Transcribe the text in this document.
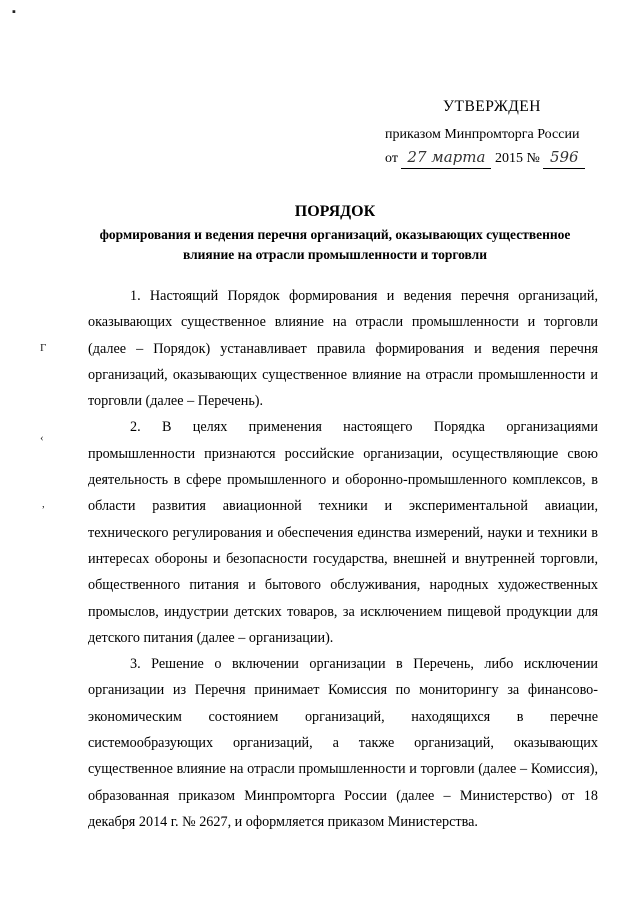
▪
Г
‹
,
УТВЕРЖДЕН
приказом Минпромторга России
от 27 марта 2015 № 596
ПОРЯДОК
формирования и ведения перечня организаций, оказывающих существенное
влияние на отрасли промышленности и торговли

1. Настоящий Порядок формирования и ведения перечня организаций, оказывающих существенное влияние на отрасли промышленности и торговли (далее – Порядок) устанавливает правила формирования и ведения перечня организаций, оказывающих существенное влияние на отрасли промышленности и торговли (далее – Перечень).

2. В целях применения настоящего Порядка организациями промышленности признаются российские организации, осуществляющие свою деятельность в сфере промышленного и оборонно-промышленного комплексов, в области развития авиационной техники и экспериментальной авиации, технического регулирования и обеспечения единства измерений, науки и техники в интересах обороны и безопасности государства, внешней и внутренней торговли, общественного питания и бытового обслуживания, народных художественных промыслов, индустрии детских товаров, за исключением пищевой продукции для детского питания (далее – организации).

3. Решение о включении организации в Перечень, либо исключении организации из Перечня принимает Комиссия по мониторингу за финансово-экономическим состоянием организаций, находящихся в перечне системообразующих организаций, а также организаций, оказывающих существенное влияние на отрасли промышленности и торговли (далее – Комиссия), образованная приказом Минпромторга России (далее – Министерство) от 18 декабря 2014 г. № 2627, и оформляется приказом Министерства.
